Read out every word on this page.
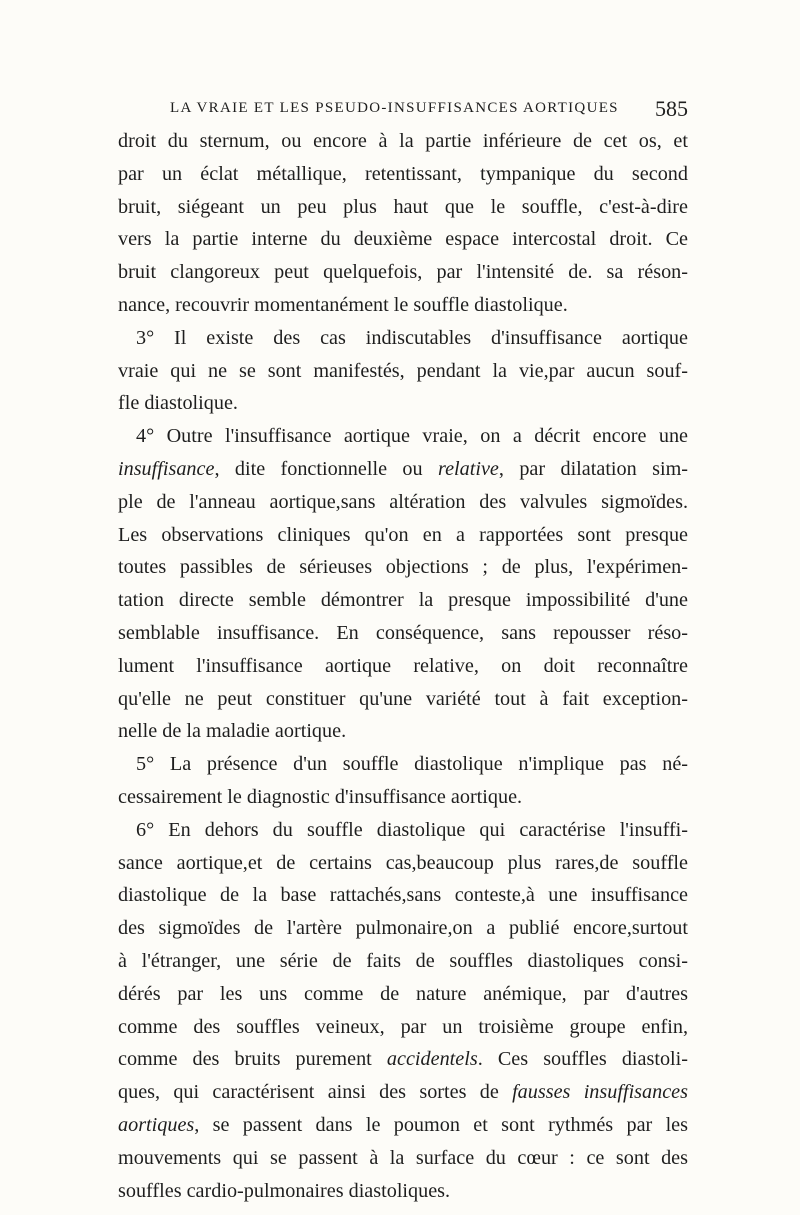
LA VRAIE ET LES PSEUDO-INSUFFISANCES AORTIQUES 585
droit du sternum, ou encore à la partie inférieure de cet os, et
par un éclat métallique, retentissant, tympanique du second
bruit, siégeant un peu plus haut que le souffle, c'est-à-dire
vers la partie interne du deuxième espace intercostal droit. Ce
bruit clangoreux peut quelquefois, par l'intensité de. sa réson-
nance, recouvrir momentanément le souffle diastolique.
3° Il existe des cas indiscutables d'insuffisance aortique
vraie qui ne se sont manifestés, pendant la vie,par aucun souf-
fle diastolique.
4° Outre l'insuffisance aortique vraie, on a décrit encore une
insuffisance, dite fonctionnelle ou relative, par dilatation sim-
ple de l'anneau aortique,sans altération des valvules sigmoïdes.
Les observations cliniques qu'on en a rapportées sont presque
toutes passibles de sérieuses objections ; de plus, l'expérimen-
tation directe semble démontrer la presque impossibilité d'une
semblable insuffisance. En conséquence, sans repousser réso-
lument l'insuffisance aortique relative, on doit reconnaître
qu'elle ne peut constituer qu'une variété tout à fait exception-
nelle de la maladie aortique.
5° La présence d'un souffle diastolique n'implique pas né-
cessairement le diagnostic d'insuffisance aortique.
6° En dehors du souffle diastolique qui caractérise l'insuffi-
sance aortique,et de certains cas,beaucoup plus rares,de souffle
diastolique de la base rattachés,sans conteste,à une insuffisance
des sigmoïdes de l'artère pulmonaire,on a publié encore,surtout
à l'étranger, une série de faits de souffles diastoliques consi-
dérés par les uns comme de nature anémique, par d'autres
comme des souffles veineux, par un troisième groupe enfin,
comme des bruits purement accidentels. Ces souffles diastoli-
ques, qui caractérisent ainsi des sortes de fausses insuffisances
aortiques, se passent dans le poumon et sont rythmés par les
mouvements qui se passent à la surface du cœur : ce sont des
souffles cardio-pulmonaires diastoliques.
